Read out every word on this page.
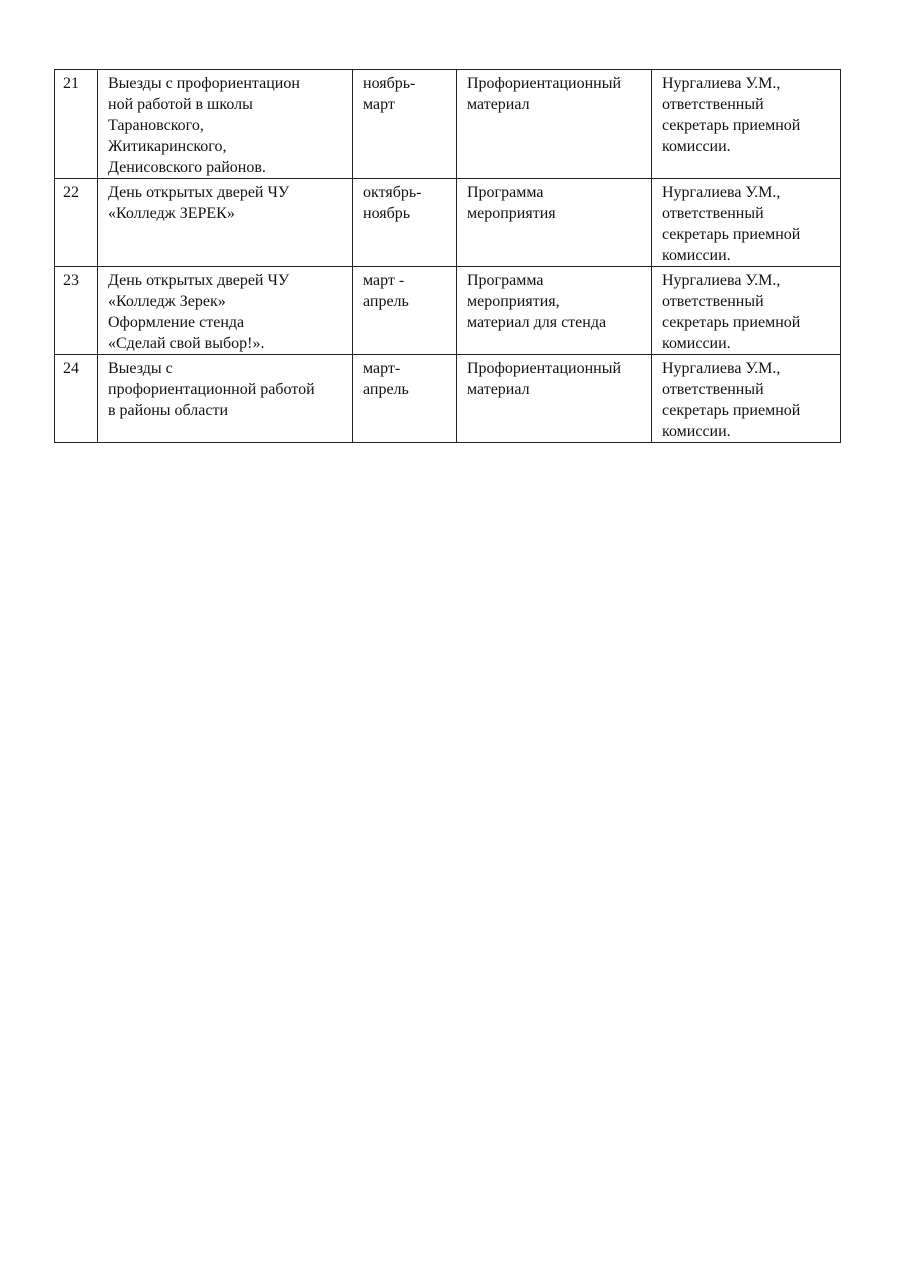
21	Выезды с профориентацион
ной работой в школы
Тарановского,
Житикаринского,
Денисовского районов.	ноябрь-
март	Профориентационный
материал	Нургалиева У.М.,
ответственный
секретарь приемной
комиссии.
22	День открытых дверей ЧУ
«Колледж ЗЕРЕК»	октябрь-
ноябрь	Программа
мероприятия	Нургалиева У.М.,
ответственный
секретарь приемной
комиссии.
23	День открытых дверей ЧУ
«Колледж Зерек»
Оформление стенда
«Сделай свой выбор!».	март -
апрель	Программа
мероприятия,
материал для стенда	Нургалиева У.М.,
ответственный
секретарь приемной
комиссии.
24	Выезды с
профориентационной работой
в районы области	март-
апрель	Профориентационный
материал	Нургалиева У.М.,
ответственный
секретарь приемной
комиссии.
